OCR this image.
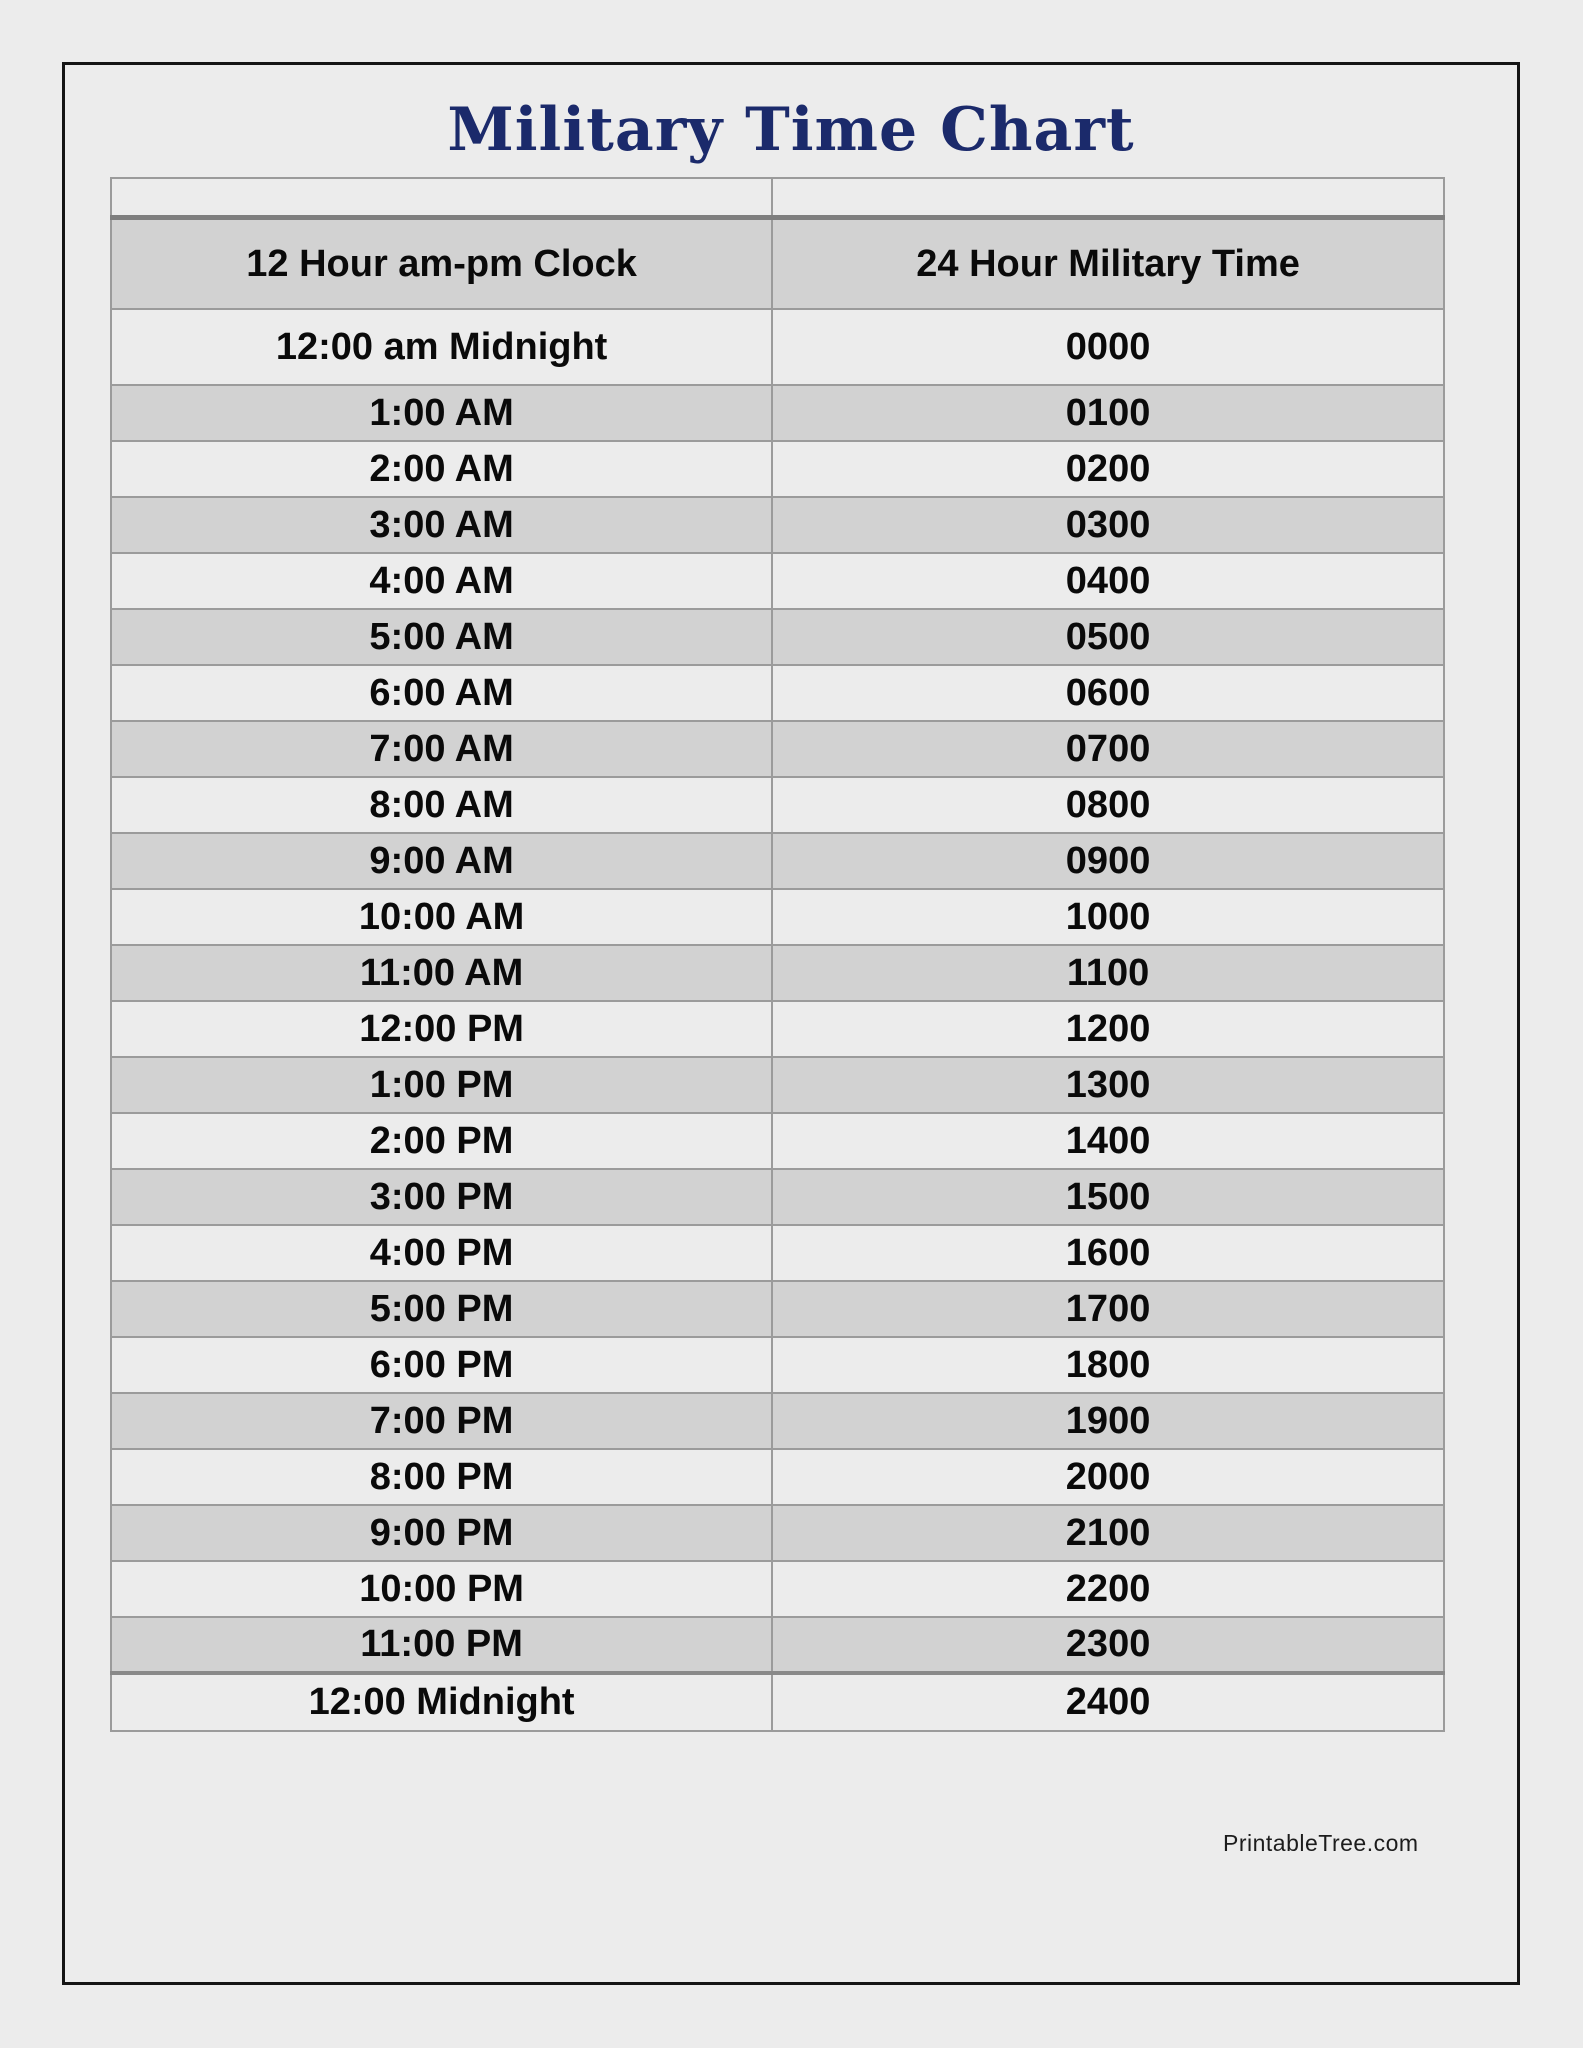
Military Time Chart

12 Hour am-pm Clock	24 Hour Military Time
12:00 am Midnight	0000
1:00 AM	0100
2:00 AM	0200
3:00 AM	0300
4:00 AM	0400
5:00 AM	0500
6:00 AM	0600
7:00 AM	0700
8:00 AM	0800
9:00 AM	0900
10:00 AM	1000
11:00 AM	1100
12:00 PM	1200
1:00 PM	1300
2:00 PM	1400
3:00 PM	1500
4:00 PM	1600
5:00 PM	1700
6:00 PM	1800
7:00 PM	1900
8:00 PM	2000
9:00 PM	2100
10:00 PM	2200
11:00 PM	2300
12:00 Midnight	2400
PrintableTree.com
